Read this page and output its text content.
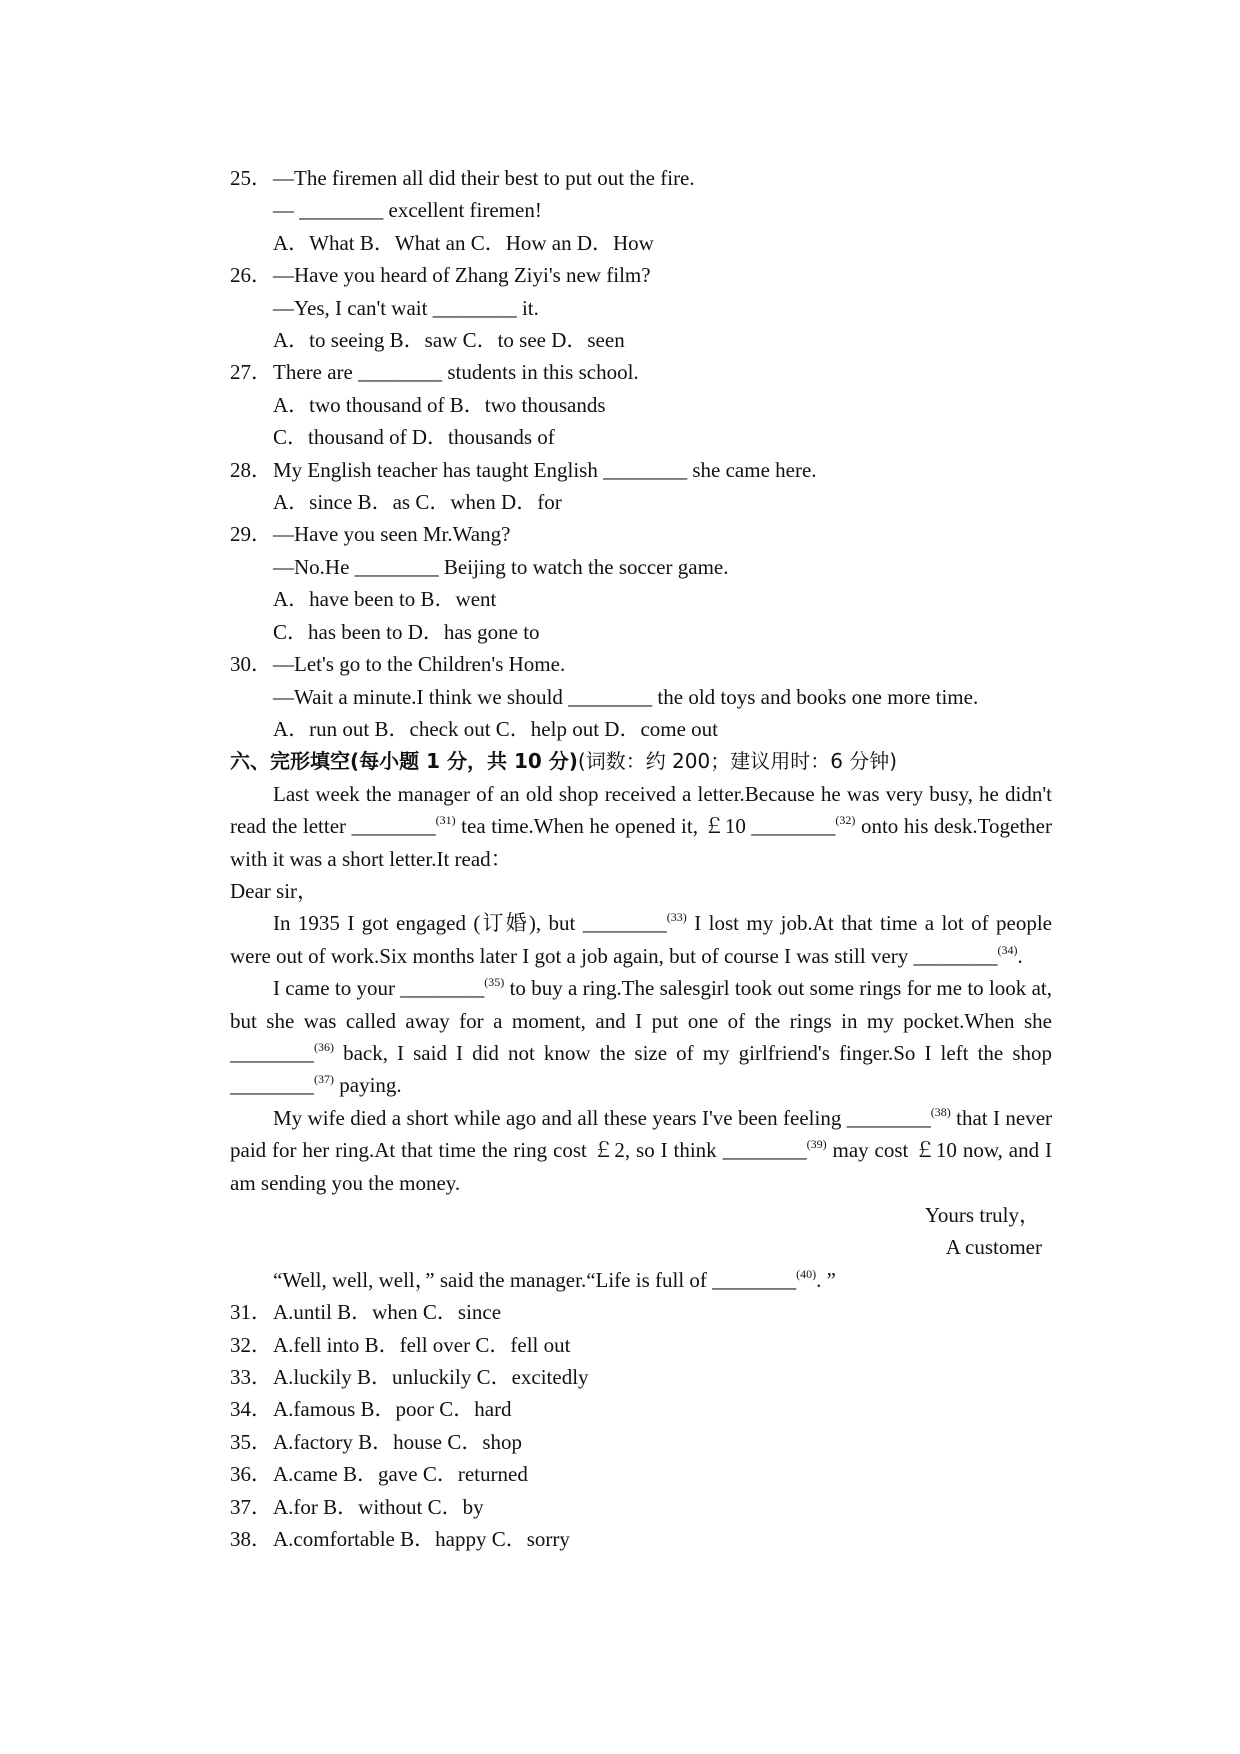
25．—The firemen all did their best to put out the fire.
— ________ excellent firemen!
A．What B．What an C．How an D．How
26．—Have you heard of Zhang Ziyi's new film?
—Yes, I can't wait ________ it.
A．to seeing B．saw C．to see D．seen
27．There are ________ students in this school.
A．two thousand of B．two thousands
C．thousand of D．thousands of
28．My English teacher has taught English ________ she came here.
A．since B．as C．when D．for
29．—Have you seen Mr.Wang?
—No.He ________ Beijing to watch the soccer game.
A．have been to B．went
C．has been to D．has gone to
30．—Let's go to the Children's Home.
—Wait a minute.I think we should ________ the old toys and books one more time.
A．run out B．check out C．help out D．come out
六、完形填空(每小题 1 分，共 10 分)(词数：约 200；建议用时：6 分钟)
Last week the manager of an old shop received a letter.Because he was very busy, he didn't read the letter ________$^{(31)}$ tea time.When he opened it, ￡10 ________$^{(32)}$ onto his desk.Together with it was a short letter.It read：
Dear sir，
In 1935 I got engaged (订婚), but ________$^{(33)}$ I lost my job.At that time a lot of people were out of work.Six months later I got a job again, but of course I was still very ________$^{(34)}$.
I came to your ________$^{(35)}$ to buy a ring.The salesgirl took out some rings for me to look at, but she was called away for a moment, and I put one of the rings in my pocket.When she ________$^{(36)}$ back, I said I did not know the size of my girlfriend's finger.So I left the shop ________$^{(37)}$ paying.
My wife died a short while ago and all these years I've been feeling ________$^{(38)}$ that I never paid for her ring.At that time the ring cost ￡2, so I think ________$^{(39)}$ may cost ￡10 now, and I am sending you the money.
Yours truly，
A customer
“Well, well, well，” said the manager.“Life is full of ________$^{(40)}$. ”
31．A.until B．when C．since
32．A.fell into B．fell over C．fell out
33．A.luckily B．unluckily C．excitedly
34．A.famous B．poor C．hard
35．A.factory B．house C．shop
36．A.came B．gave C．returned
37．A.for B．without C．by
38．A.comfortable B．happy C．sorry
